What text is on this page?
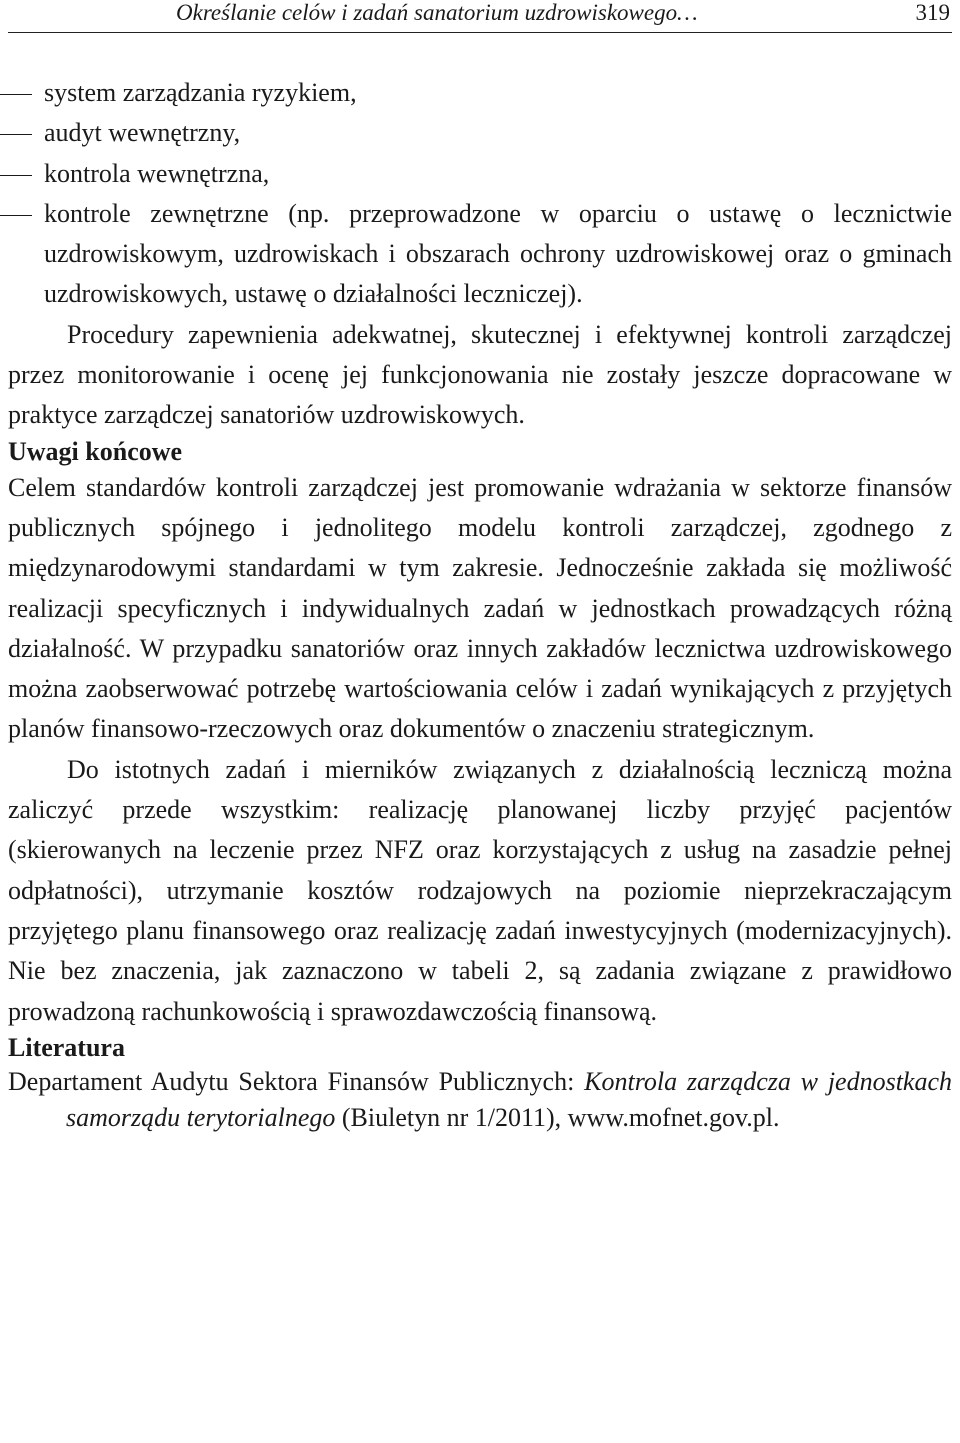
Określanie celów i zadań sanatorium uzdrowiskowego…	319
system zarządzania ryzykiem,
audyt wewnętrzny,
kontrola wewnętrzna,
kontrole zewnętrzne (np. przeprowadzone w oparciu o ustawę o lecznictwie uzdrowiskowym, uzdrowiskach i obszarach ochrony uzdrowiskowej oraz o gminach uzdrowiskowych, ustawę o działalności leczniczej).

Procedury zapewnienia adekwatnej, skutecznej i efektywnej kontroli zarządczej przez monitorowanie i ocenę jej funkcjonowania nie zostały jeszcze dopracowane w praktyce zarządczej sanatoriów uzdrowiskowych.

Uwagi końcowe

Celem standardów kontroli zarządczej jest promowanie wdrażania w sektorze finansów publicznych spójnego i jednolitego modelu kontroli zarządczej, zgodnego z międzynarodowymi standardami w tym zakresie. Jednocześnie zakłada się możliwość realizacji specyficznych i indywidualnych zadań w jednostkach prowadzących różną działalność. W przypadku sanatoriów oraz innych zakładów lecznictwa uzdrowiskowego można zaobserwować potrzebę wartościowania celów i zadań wynikających z przyjętych planów finansowo-rzeczowych oraz dokumentów o znaczeniu strategicznym.

Do istotnych zadań i mierników związanych z działalnością leczniczą można zaliczyć przede wszystkim: realizację planowanej liczby przyjęć pacjentów (skierowanych na leczenie przez NFZ oraz korzystających z usług na zasadzie pełnej odpłatności), utrzymanie kosztów rodzajowych na poziomie nieprzekraczającym przyjętego planu finansowego oraz realizację zadań inwestycyjnych (modernizacyjnych). Nie bez znaczenia, jak zaznaczono w tabeli 2, są zadania związane z prawidłowo prowadzoną rachunkowością i sprawozdawczością finansową.

Literatura
Departament Audytu Sektora Finansów Publicznych: Kontrola zarządcza w jednostkach samorządu terytorialnego (Biuletyn nr 1/2011), www.mofnet.gov.pl.
